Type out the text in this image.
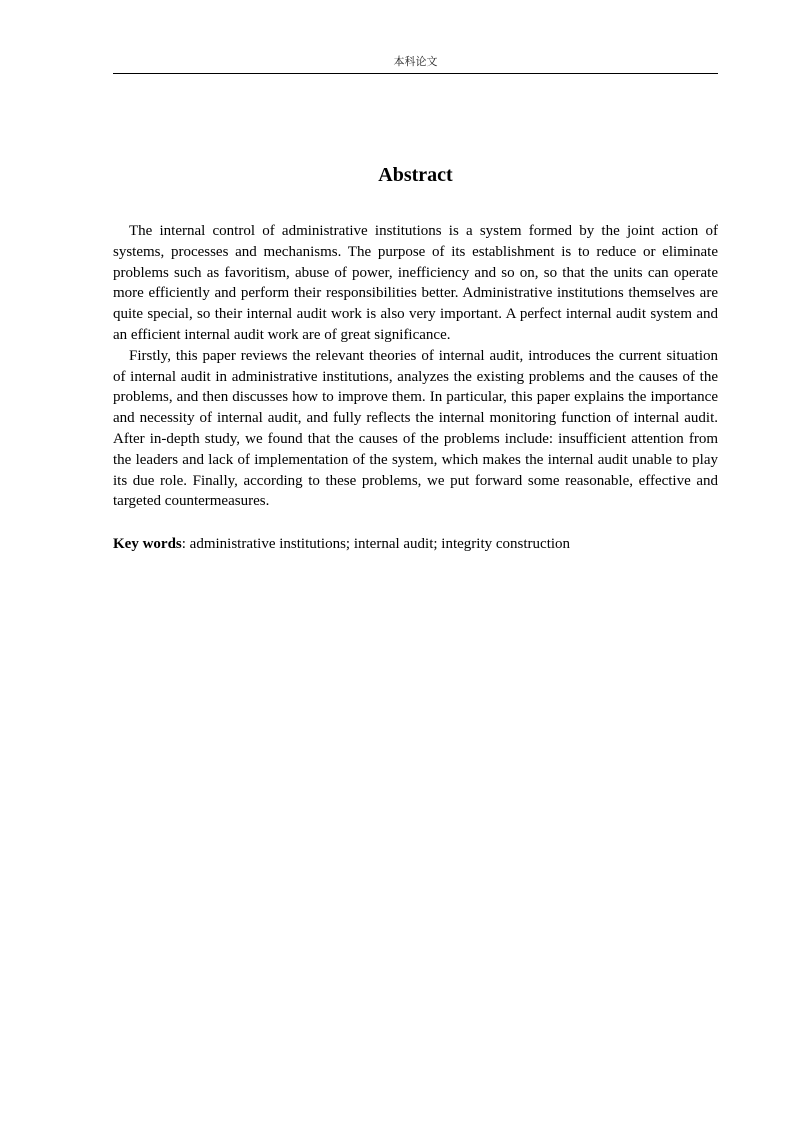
本科论文
Abstract

The internal control of administrative institutions is a system formed by the joint action of systems, processes and mechanisms. The purpose of its establishment is to reduce or eliminate problems such as favoritism, abuse of power, inefficiency and so on, so that the units can operate more efficiently and perform their responsibilities better. Administrative institutions themselves are quite special, so their internal audit work is also very important. A perfect internal audit system and an efficient internal audit work are of great significance.

Firstly, this paper reviews the relevant theories of internal audit, introduces the current situation of internal audit in administrative institutions, analyzes the existing problems and the causes of the problems, and then discusses how to improve them. In particular, this paper explains the importance and necessity of internal audit, and fully reflects the internal monitoring function of internal audit. After in-depth study, we found that the causes of the problems include: insufficient attention from the leaders and lack of implementation of the system, which makes the internal audit unable to play its due role. Finally, according to these problems, we put forward some reasonable, effective and targeted countermeasures.

Key words: administrative institutions; internal audit; integrity construction
